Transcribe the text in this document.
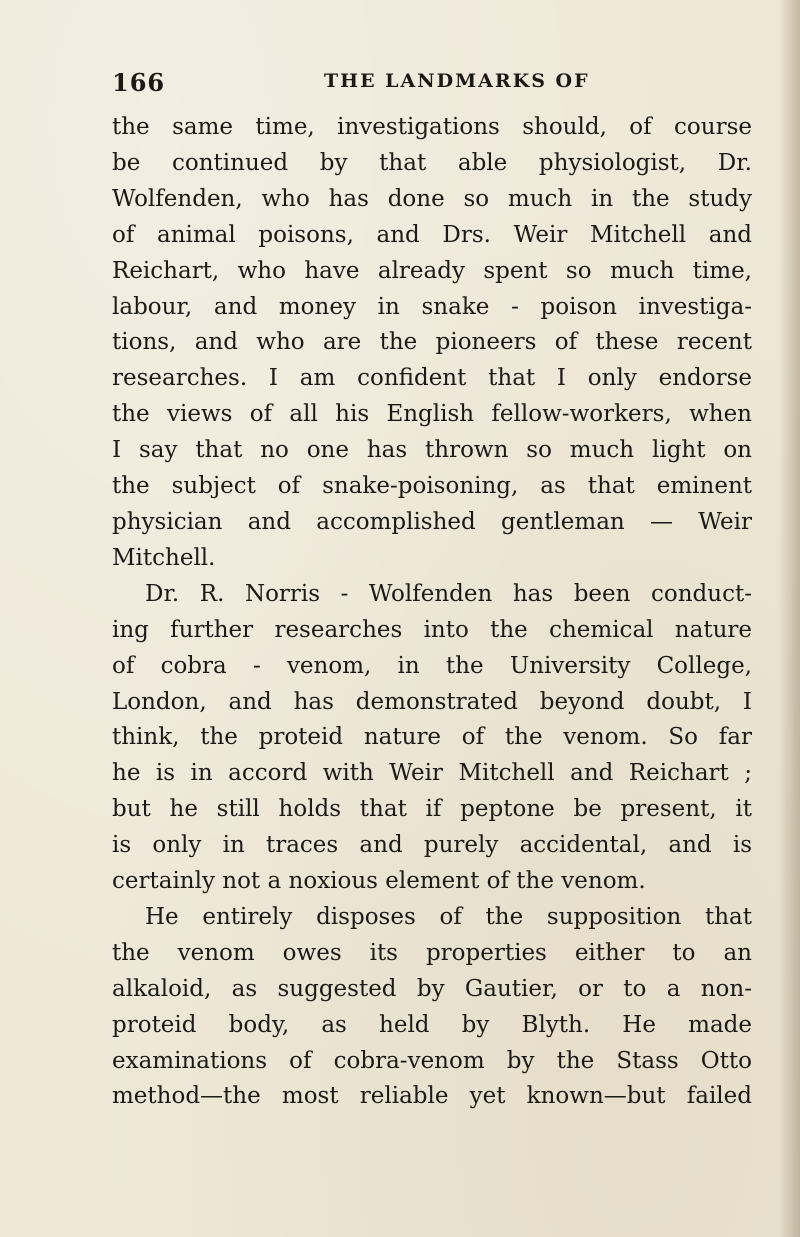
166	THE LANDMARKS OF
the same time, investigations should, of course
be continued by that able physiologist, Dr.
Wolfenden, who has done so much in the study
of animal poisons, and Drs. Weir Mitchell and
Reichart, who have already spent so much time,
labour, and money in snake - poison investiga-
tions, and who are the pioneers of these recent
researches. I am confident that I only endorse
the views of all his English fellow-workers, when
I say that no one has thrown so much light on
the subject of snake-poisoning, as that eminent
physician and accomplished gentleman — Weir
Mitchell.
Dr. R. Norris - Wolfenden has been conduct-
ing further researches into the chemical nature
of cobra - venom, in the University College,
London, and has demonstrated beyond doubt, I
think, the proteid nature of the venom. So far
he is in accord with Weir Mitchell and Reichart ;
but he still holds that if peptone be present, it
is only in traces and purely accidental, and is
certainly not a noxious element of the venom.
He entirely disposes of the supposition that
the venom owes its properties either to an
alkaloid, as suggested by Gautier, or to a non-
proteid body, as held by Blyth. He made
examinations of cobra-venom by the Stass Otto
method—the most reliable yet known—but failed
